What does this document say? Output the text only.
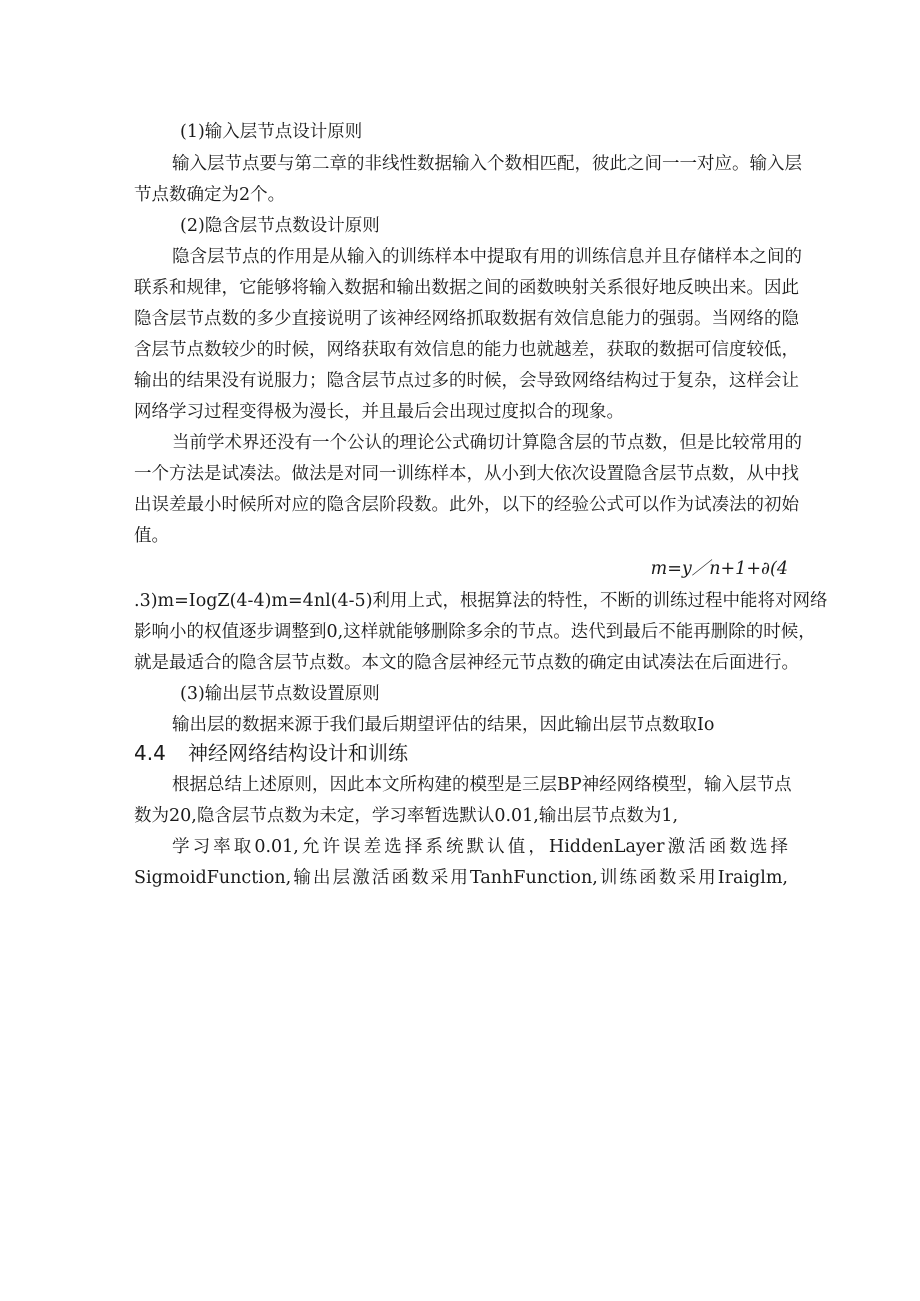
(1)输入层节点设计原则
输入层节点要与第二章的非线性数据输入个数相匹配，彼此之间一一对应。输入层
节点数确定为2个。
(2)隐含层节点数设计原则
隐含层节点的作用是从输入的训练样本中提取有用的训练信息并且存储样本之间的
联系和规律，它能够将输入数据和输出数据之间的函数映射关系很好地反映出来。因此
隐含层节点数的多少直接说明了该神经网络抓取数据有效信息能力的强弱。当网络的隐
含层节点数较少的时候，网络获取有效信息的能力也就越差，获取的数据可信度较低，
输出的结果没有说服力；隐含层节点过多的时候，会导致网络结构过于复杂，这样会让
网络学习过程变得极为漫长，并且最后会出现过度拟合的现象。
当前学术界还没有一个公认的理论公式确切计算隐含层的节点数，但是比较常用的
一个方法是试凑法。做法是对同一训练样本，从小到大依次设置隐含层节点数，从中找
出误差最小时候所对应的隐含层阶段数。此外，以下的经验公式可以作为试凑法的初始
值。
m=y／n+1+∂(4
.3)m=IogZ(4-4)m=4nl(4-5)利用上式，根据算法的特性，不断的训练过程中能将对网络
影响小的权值逐步调整到0,这样就能够删除多余的节点。迭代到最后不能再删除的时候，
就是最适合的隐含层节点数。本文的隐含层神经元节点数的确定由试凑法在后面进行。
(3)输出层节点数设置原则
输出层的数据来源于我们最后期望评估的结果，因此输出层节点数取Io
4.4 神经网络结构设计和训练
根据总结上述原则，因此本文所构建的模型是三层BP神经网络模型，输入层节点
数为20,隐含层节点数为未定，学习率暂选默认0.01,输出层节点数为1,
学习率取0.01,允许误差选择系统默认值，HiddenLayer激活函数选择
SigmoidFunction,输出层激活函数采用TanhFunction,训练函数采用Iraiglm,
